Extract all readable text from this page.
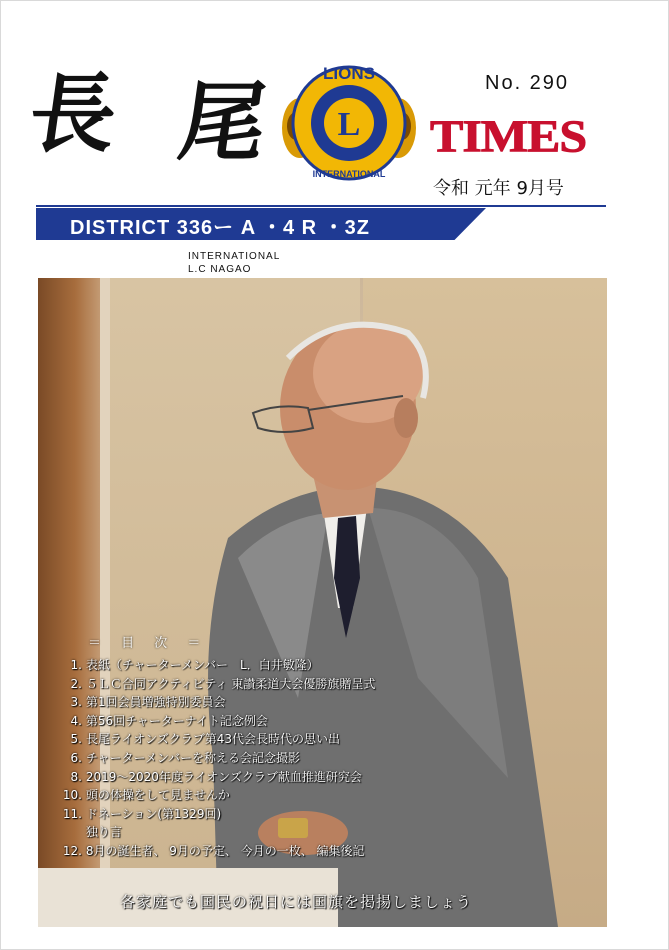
長 尾	LIONS
L
INTERNATIONAL
No. 290
TIMES
令和 元年 9月号
DISTRICT 336ー A ・4 R ・3Z
INTERNATIONAL
L.C NAGAO
＝ 目 次 ＝
1.
表紙（チャーターメンバー　L．白井敏隆）
2.
５ＬＣ合同アクティビティ 東讃柔道大会優勝旗贈呈式
3.
第1回会員増強特別委員会
4.
第56回チャーターナイト記念例会
5.
長尾ライオンズクラブ第43代会長時代の思い出
6.
チャーターメンバーを称える会記念撮影
8.
2019～2020年度ライオンズクラブ献血推進研究会
10.
頭の体操をして見ませんか
11.
ドネーション(第1329回)

独り言
12.
8月の誕生者、 9月の予定、 今月の一枚、 編集後記
各家庭でも国民の祝日には国旗を掲揚しましょう
